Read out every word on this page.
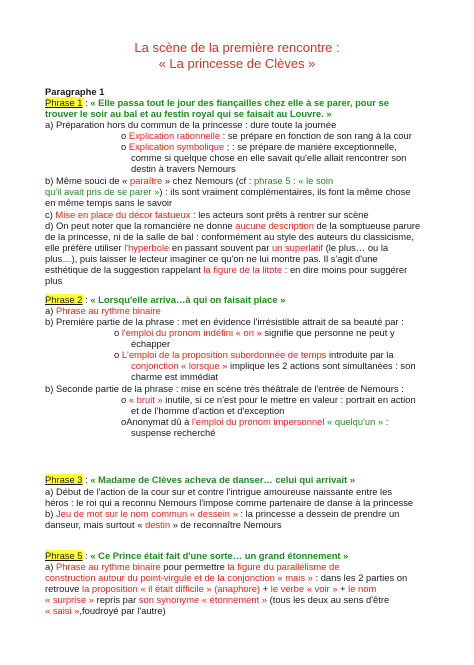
La scène de la première rencontre :
« La princesse de Clèves »
Paragraphe 1
Phrase 1 : « Elle passa tout le jour des fiançailles chez elle à se parer, pour se
trouver le soir au bal et au festin royal qui se faisait au Louvre. »
a) Préparation hors du commun de la princesse : dure toute la journée
o Explication rationnelle : se prépare en fonction de son rang à la cour
o Explication symbolique ; : se prépare de manière exceptionnelle,
comme si quelque chose en elle savait qu'elle allait rencontrer son
destin à travers Nemours
b) Même souci de « paraître » chez Nemours (cf : phrase 5 : « le soin
qu'il avait pris de se parer ») : ils sont vraiment complémentaires, ils font la même chose
en même temps sans le savoir
c) Mise en place du décor fastueux : les acteurs sont prêts à rentrer sur scène
d) On peut noter que la romancière ne donne aucune description de la somptueuse parure
de la princesse, ni de la salle de bal : conformément au style des auteurs du classicisme,
elle préfère utiliser l'hyperbole en passant souvent par un superlatif (le plus… ou la
plus…), puis laisser le lecteur imaginer ce qu'on ne lui montre pas. Il s'agit d'une
esthétique de la suggestion rappelant la figure de la litote : en dire moins pour suggérer
plus
Phrase 2 : « Lorsqu'elle arriva…à qui on faisait place »
a) Phrase au rythme binaire
b) Première partie de la phrase : met en évidence l'irrésistible attrait de sa beauté par :
o l'emploi du pronom indéfini « on » signifie que personne ne peut y
échapper
o L'emploi de la proposition subordonnée de temps introduite par la
conjonction « lorsque » implique les 2 actions sont simultanées : son
charme est immédiat
b) Seconde partie de la phrase : mise en scène très théâtrale de l'entrée de Nemours :
o « bruit » inutile, si ce n'est pour le mettre en valeur : portrait en action
et de l'homme d'action et d'exception
oAnonymat dû à l'emploi du pronom impersonnel « quelqu'un » :
suspense recherché
Phrase 3 : « Madame de Clèves acheva de danser… celui qui arrivait »
a) Début de l'action de la cour sur et contre l'intrigue amoureuse naissante entre les
héros : le roi qui a reconnu Nemours l'impose comme partenaire de danse à la princesse
b) Jeu de mot sur le nom commun « dessein » : la princesse a dessein de prendre un
danseur, mais surtout « destin » de reconnaître Nemours
Phrase 5 : « Ce Prince était fait d'une sorte… un grand étonnement »
a) Phrase au rythme binaire pour permettre la figure du parallélisme de
construction autour du point-virgule et de la conjonction « mais » : dans les 2 parties on
retrouve la proposition « il était difficile » (anaphore) + le verbe « voir » + le nom
« surprise » repris par son synonyme « étonnement » (tous les deux au sens d'être
« saisi »,foudroyé par l'autre)
